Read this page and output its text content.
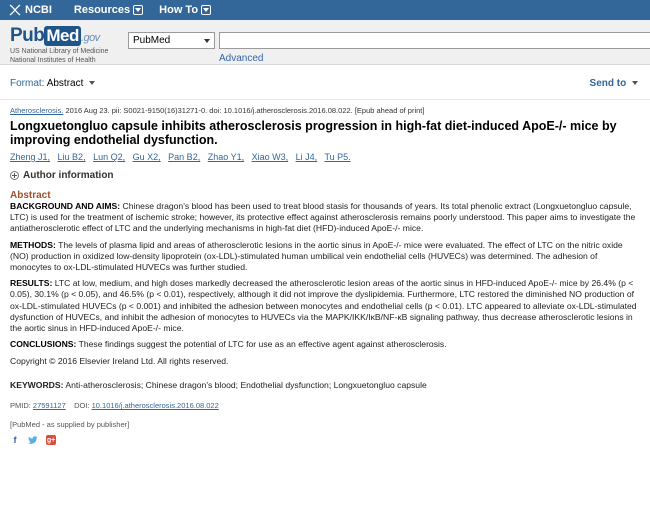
NCBI Resources	How To
Pub Med .gov
US National Library of Medicine
National Institutes of Health
PubMed
Advanced
Format: Abstract	Send to
Atherosclerosis. 2016 Aug 23. pii: S0021-9150(16)31271-0. doi: 10.1016/j.atherosclerosis.2016.08.022. [Epub ahead of print]
Longxuetongluo capsule inhibits atherosclerosis progression in high-fat diet-induced ApoE-/- mice by improving endothelial dysfunction.
Zheng J1, Liu B2, Lun Q2, Gu X2, Pan B2, Zhao Y1, Xiao W3, Li J4, Tu P5.
Author information
Abstract

BACKGROUND AND AIMS: Chinese dragon's blood has been used to treat blood stasis for thousands of years. Its total phenolic extract (Longxuetongluo capsule, LTC) is used for the treatment of ischemic stroke; however, its protective effect against atherosclerosis remains poorly understood. This paper aims to investigate the antiatherosclerotic effect of LTC and the underlying mechanisms in high-fat diet (HFD)-induced ApoE-/- mice.

METHODS: The levels of plasma lipid and areas of atherosclerotic lesions in the aortic sinus in ApoE-/- mice were evaluated. The effect of LTC on the nitric oxide (NO) production in oxidized low-density lipoprotein (ox-LDL)-stimulated human umbilical vein endothelial cells (HUVECs) was determined. The adhesion of monocytes to ox-LDL-stimulated HUVECs was further studied.

RESULTS: LTC at low, medium, and high doses markedly decreased the atherosclerotic lesion areas of the aortic sinus in HFD-induced ApoE-/- mice by 26.4% (p < 0.05), 30.1% (p < 0.05), and 46.5% (p < 0.01), respectively, although it did not improve the dyslipidemia. Furthermore, LTC restored the diminished NO production of ox-LDL-stimulated HUVECs (p < 0.001) and inhibited the adhesion between monocytes and endothelial cells (p < 0.01). LTC appeared to alleviate ox-LDL-stimulated dysfunction of HUVECs, and inhibit the adhesion of monocytes to HUVECs via the MAPK/IKK/IκB/NF-κB signaling pathway, thus decrease atherosclerotic lesions in the aortic sinus in HFD-induced ApoE-/- mice.

CONCLUSIONS: These findings suggest the potential of LTC for use as an effective agent against atherosclerosis.

Copyright © 2016 Elsevier Ireland Ltd. All rights reserved.
KEYWORDS: Anti-atherosclerosis; Chinese dragon's blood; Endothelial dysfunction; Longxuetongluo capsule
PMID: 27591127 DOI: 10.1016/j.atherosclerosis.2016.08.022
[PubMed - as supplied by publisher]
f	g+
